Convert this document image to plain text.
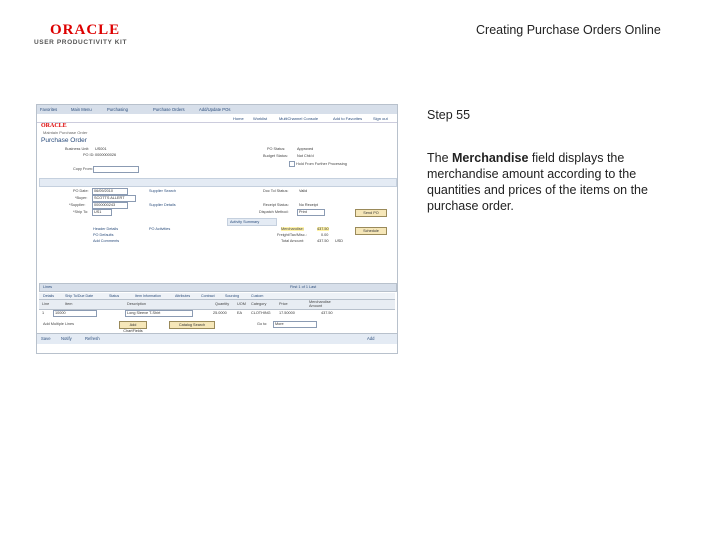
ORACLE
USER PRODUCTIVITY KIT
Creating Purchase Orders Online
Step 55
The Merchandise field displays the merchandise amount according to the quantities and prices of the items on the purchase order.
Favorites	Main Menu	Purchasing	Purchase Orders	Add/Update POs
Home Worklist	MultiChannel Console	Add to Favorites	Sign out
ORACLE
Maintain Purchase Order
Purchase Order
Business Unit: US001
PO ID: 0000000026
PO Status:	Approved
Budget Status: Not Chk'd
Hold From Further Processing
Copy From:
PO Date: 06/09/2010
*Buyer: SCOTTS ALLERT
*Supplier: 0000000243
*Ship To: US1
Supplier Search
Supplier Details
Doc Tol Status:	Valid
Receipt Status:	No Receipt
Dispatch Method:	Print	Send PO
Activity Summary
Header Details
PO Defaults
Add Comments
PO Activities	Merchandise:	437.50
Freight/Tax/Misc.:	0.00
Total Amount:	437.50 USD
Schedule
Lines	First 1 of 1 Last
Details	Ship To/Due Date	Status	Item Information	Attributes	Contract	Sourcing	Custom
Line	Item	Description	Quantity UOM Category	Price	Merchandise Amount
1	10000	Long Sleeve T-Shirt	25.0000	EA CLOTHING 17.50000	437.50
Add Multiple Lines	Add ChartFields
Catalog Search	Go to: More
Save Notify	Refresh	Add
